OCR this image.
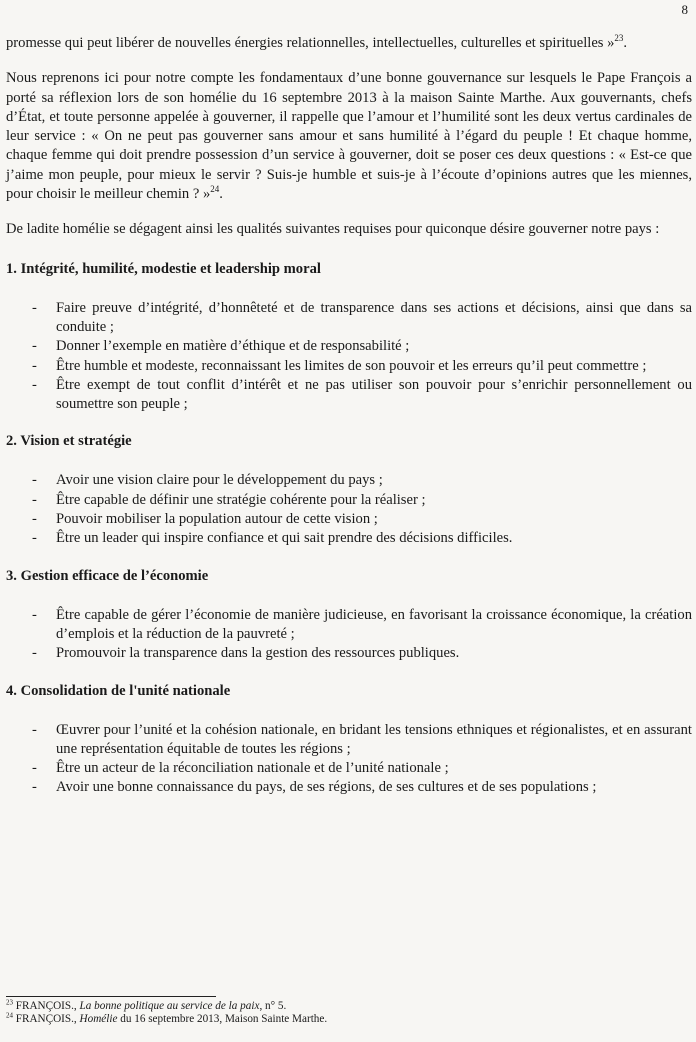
8

promesse qui peut libérer de nouvelles énergies relationnelles, intellectuelles, culturelles et spirituelles »$^{23}$.

Nous reprenons ici pour notre compte les fondamentaux d’une bonne gouvernance sur lesquels le Pape François a porté sa réflexion lors de son homélie du 16 septembre 2013 à la maison Sainte Marthe. Aux gouvernants, chefs d’État, et toute personne appelée à gouverner, il rappelle que l’amour et l’humilité sont les deux vertus cardinales de leur service : « On ne peut pas gouverner sans amour et sans humilité à l’égard du peuple ! Et chaque homme, chaque femme qui doit prendre possession d’un service à gouverner, doit se poser ces deux questions : « Est-ce que j’aime mon peuple, pour mieux le servir ? Suis-je humble et suis-je à l’écoute d’opinions autres que les miennes, pour choisir le meilleur chemin ? »$^{24}$.

De ladite homélie se dégagent ainsi les qualités suivantes requises pour quiconque désire gouverner notre pays :

1. Intégrité, humilité, modestie et leadership moral
- Faire preuve d’intégrité, d’honnêteté et de transparence dans ses actions et décisions, ainsi que dans sa conduite ;
- Donner l’exemple en matière d’éthique et de responsabilité ;
- Être humble et modeste, reconnaissant les limites de son pouvoir et les erreurs qu’il peut commettre ;
- Être exempt de tout conflit d’intérêt et ne pas utiliser son pouvoir pour s’enrichir personnellement ou soumettre son peuple ;
2. Vision et stratégie
- Avoir une vision claire pour le développement du pays ;
- Être capable de définir une stratégie cohérente pour la réaliser ;
- Pouvoir mobiliser la population autour de cette vision ;
- Être un leader qui inspire confiance et qui sait prendre des décisions difficiles.
3. Gestion efficace de l’économie
- Être capable de gérer l’économie de manière judicieuse, en favorisant la croissance économique, la création d’emplois et la réduction de la pauvreté ;
- Promouvoir la transparence dans la gestion des ressources publiques.
4. Consolidation de l'unité nationale
- Œuvrer pour l’unité et la cohésion nationale, en bridant les tensions ethniques et régionalistes, et en assurant une représentation équitable de toutes les régions ;
- Être un acteur de la réconciliation nationale et de l’unité nationale ;
- Avoir une bonne connaissance du pays, de ses régions, de ses cultures et de ses populations ;

$^{23}$ FRANÇOIS., La bonne politique au service de la paix, n° 5.

$^{24}$ FRANÇOIS., Homélie du 16 septembre 2013, Maison Sainte Marthe.
